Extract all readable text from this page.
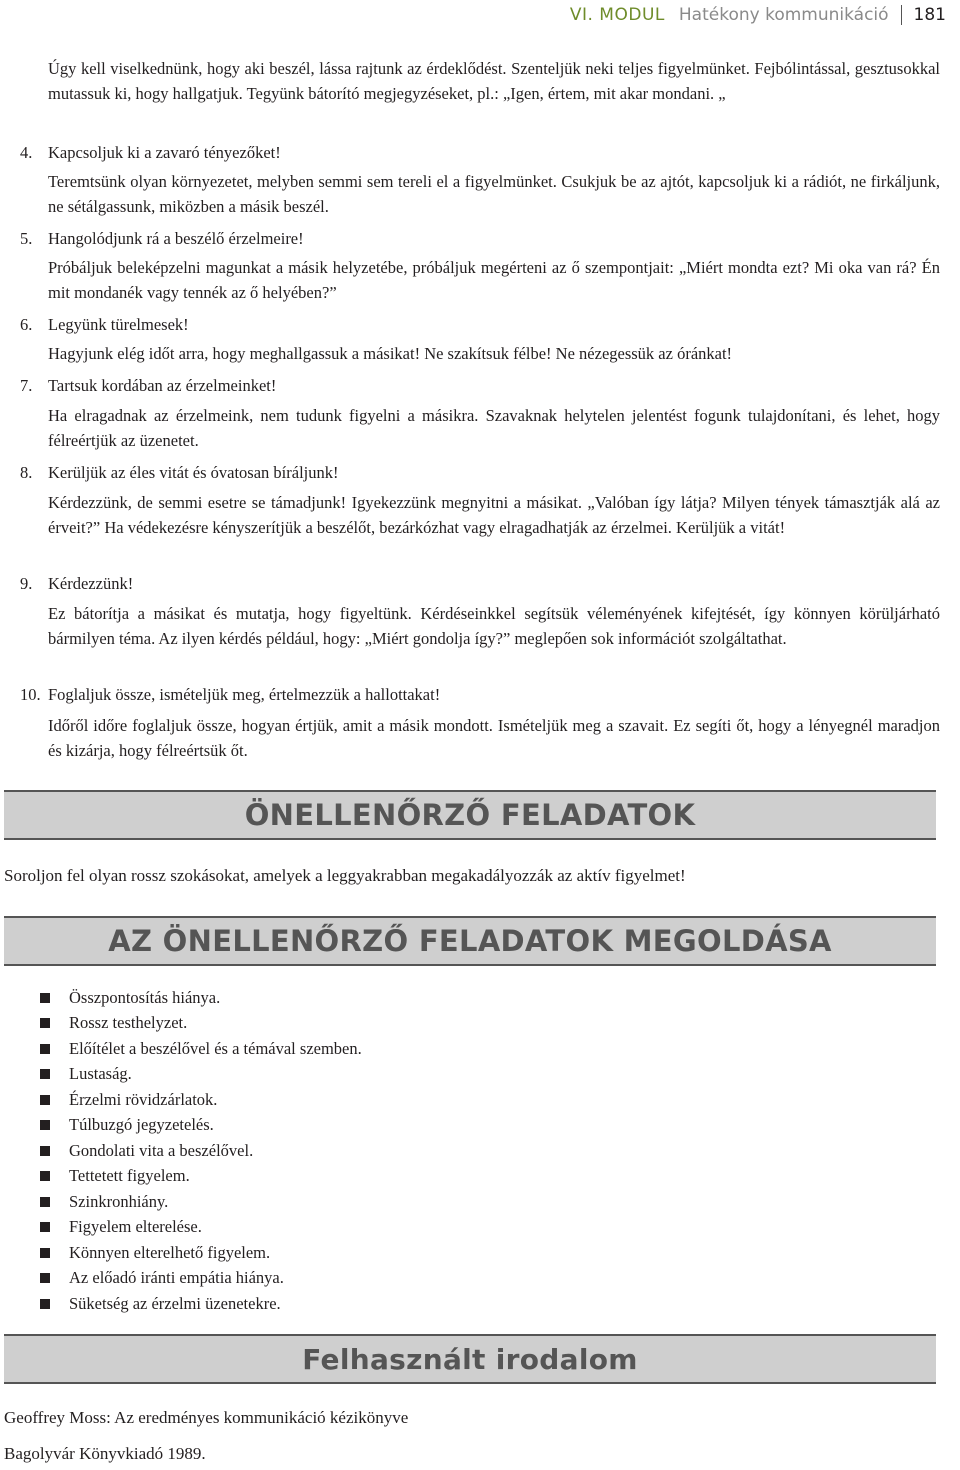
VI. MODUL Hatékony kommunikáció	181

Úgy kell viselkednünk, hogy aki beszél, lássa rajtunk az érdeklődést. Szenteljük neki teljes figyelmünket. Fejbólintással, gesztusokkal mutassuk ki, hogy hallgatjuk. Tegyünk bátorító megjegyzéseket, pl.: „Igen, értem, mit akar mondani. „

4. Kapcsoljuk ki a zavaró tényezőket!

Teremtsünk olyan környezetet, melyben semmi sem tereli el a figyelmünket. Csukjuk be az ajtót, kapcsoljuk ki a rádiót, ne firkáljunk, ne sétálgassunk, miközben a másik beszél.

5. Hangolódjunk rá a beszélő érzelmeire!

Próbáljuk beleképzelni magunkat a másik helyzetébe, próbáljuk megérteni az ő szempontjait: „Miért mondta ezt? Mi oka van rá? Én mit mondanék vagy tennék az ő helyében?”

6. Legyünk türelmesek!

Hagyjunk elég időt arra, hogy meghallgassuk a másikat! Ne szakítsuk félbe! Ne nézegessük az óránkat!

7. Tartsuk kordában az érzelmeinket!

Ha elragadnak az érzelmeink, nem tudunk figyelni a másikra. Szavaknak helytelen jelentést fogunk tulajdonítani, és lehet, hogy félreértjük az üzenetet.

8. Kerüljük az éles vitát és óvatosan bíráljunk!

Kérdezzünk, de semmi esetre se támadjunk! Igyekezzünk megnyitni a másikat. „Valóban így látja? Milyen tények támasztják alá az érveit?” Ha védekezésre kényszerítjük a beszélőt, bezárkózhat vagy elragadhatják az érzelmei. Kerüljük a vitát!

9. Kérdezzünk!

Ez bátorítja a másikat és mutatja, hogy figyeltünk. Kérdéseinkkel segítsük véleményének kifejtését, így könnyen körüljárható bármilyen téma. Az ilyen kérdés például, hogy: „Miért gondolja így?” meglepően sok információt szolgáltathat.

10. Foglaljuk össze, ismételjük meg, értelmezzük a hallottakat!

Időről időre foglaljuk össze, hogyan értjük, amit a másik mondott. Ismételjük meg a szavait. Ez segíti őt, hogy a lényegnél maradjon és kizárja, hogy félreértsük őt.

ÖNELLENŐRZŐ FELADATOK

Soroljon fel olyan rossz szokásokat, amelyek a leggyakrabban megakadályozzák az aktív figyelmet!

AZ ÖNELLENŐRZŐ FELADATOK MEGOLDÁSA
Összpontosítás hiánya.
Rossz testhelyzet.
Előítélet a beszélővel és a témával szemben.
Lustaság.
Érzelmi rövidzárlatok.
Túlbuzgó jegyzetelés.
Gondolati vita a beszélővel.
Tettetett figyelem.
Szinkronhiány.
Figyelem elterelése.
Könnyen elterelhető figyelem.
Az előadó iránti empátia hiánya.
Süketség az érzelmi üzenetekre.
Felhasznált irodalom

Geoffrey Moss: Az eredményes kommunikáció kézikönyve

Bagolyvár Könyvkiadó 1989.
